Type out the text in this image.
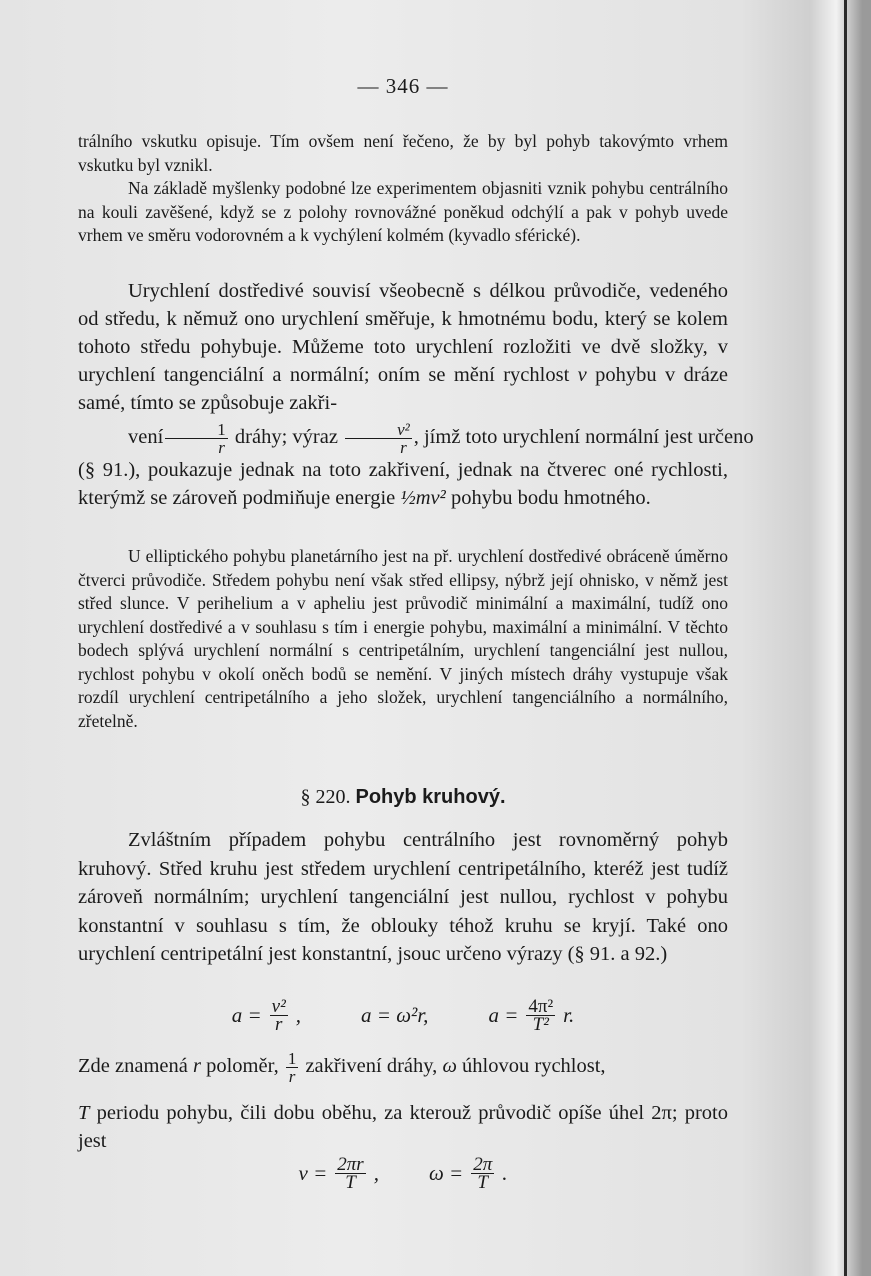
— 346 —

trálního vskutku opisuje. Tím ovšem není řečeno, že by byl pohyb takovýmto vrhem vskutku byl vznikl.

Na základě myšlenky podobné lze experimentem objasniti vznik pohybu centrálního na kouli zavěšené, když se z polohy rovnovážné poněkud odchýlí a pak v pohyb uvede vrhem ve směru vodorovném a k vychýlení kolmém (kyvadlo sférické).

Urychlení dostředivé souvisí všeobecně s délkou průvodiče, vedeného od středu, k němuž ono urychlení směřuje, k hmotnému bodu, který se kolem tohoto středu pohybuje. Můžeme toto urychlení rozložiti ve dvě složky, v urychlení tangenciální a normální; oním se mění rychlost v pohybu v dráze samé, tímto se způsobuje zakři-
vení $\frac{1}{r}$ dráhy; výraz $\frac{\text{v²}}{r}$ , jímž toto urychlení normální jest určeno
(§ 91.), poukazuje jednak na toto zakřivení, jednak na čtverec oné rychlosti, kterýmž se zároveň podmiňuje energie ½mv² pohybu bodu hmotného.

U elliptického pohybu planetárního jest na př. urychlení dostředivé obráceně úměrno čtverci průvodiče. Středem pohybu není však střed ellipsy, nýbrž její ohnisko, v němž jest střed slunce. V perihelium a v apheliu jest průvodič minimální a maximální, tudíž ono urychlení dostředivé a v souhlasu s tím i energie pohybu, maximální a minimální. V těchto bodech splývá urychlení normální s centripetálním, urychlení tangenciální jest nullou, rychlost pohybu v okolí oněch bodů se nemění. V jiných místech dráhy vystupuje však rozdíl urychlení centripetálního a jeho složek, urychlení tangenciálního a normálního, zřetelně.

§ 220. Pohyb kruhový.

Zvláštním případem pohybu centrálního jest rovnoměrný pohyb kruhový. Střed kruhu jest středem urychlení centripetálního, kteréž jest tudíž zároveň normálním; urychlení tangenciální jest nullou, rychlost v pohybu konstantní v souhlasu s tím, že oblouky téhož kruhu se kryjí. Také ono urychlení centripetální jest konstantní, jsouc určeno výrazy (§ 91. a 92.)

$a = \frac{\text{v²}}{r}$ ,	a = ω²r,	$a = \frac{\text{4π²}}{\text{T²}} r$.

Zde znamená r poloměr, $\frac{1}{r}$ zakřivení dráhy, ω úhlovou rychlost,
T periodu pohybu, čili dobu oběhu, za kterouž průvodič opíše úhel 2π; proto jest

$v = \frac{2\pi r}{T}$ , $\omega = \frac{2\pi}{T}$ .
